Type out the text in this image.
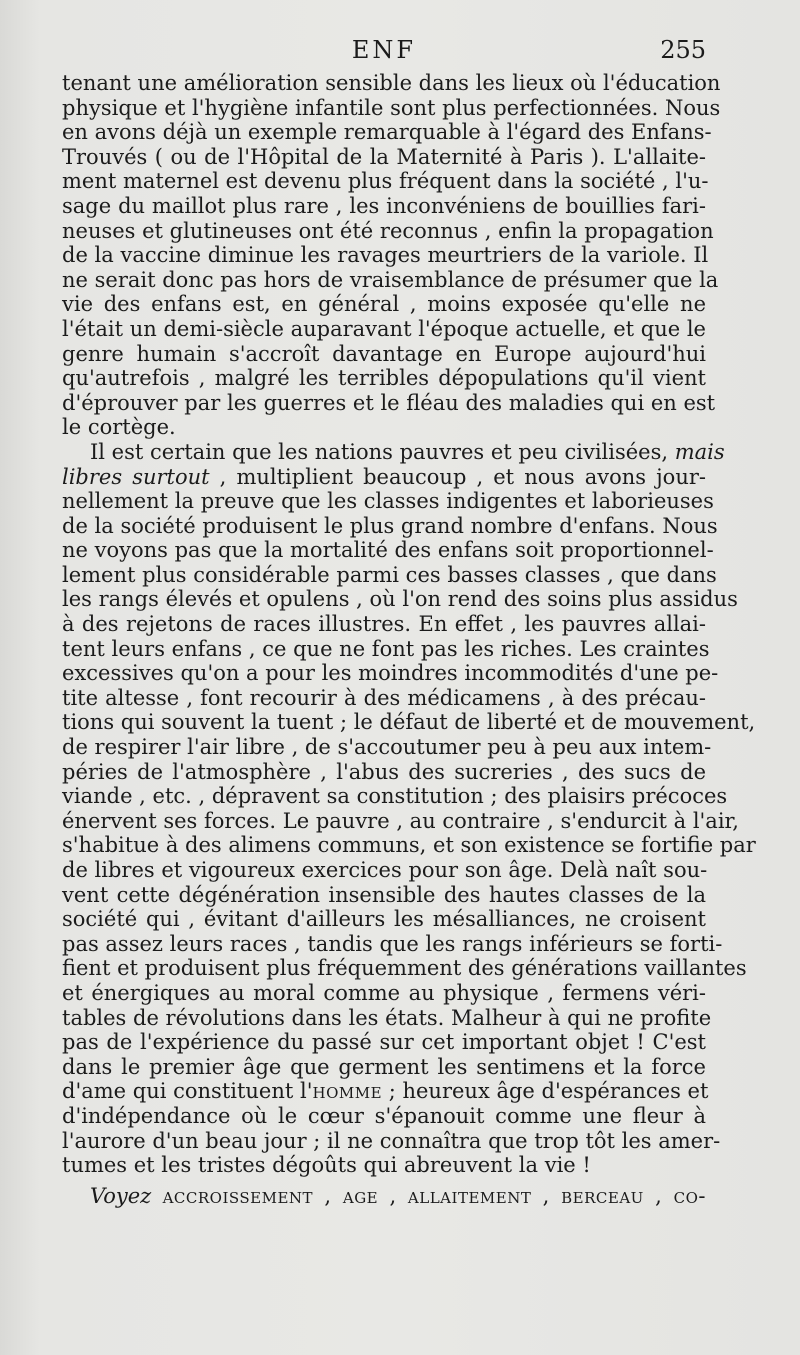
ENF	255
tenant une amélioration sensible dans les lieux où l'éducation
physique et l'hygiène infantile sont plus perfectionnées. Nous
en avons déjà un exemple remarquable à l'égard des Enfans-
Trouvés ( ou de l'Hôpital de la Maternité à Paris ). L'allaite-
ment maternel est devenu plus fréquent dans la société , l'u-
sage du maillot plus rare , les inconvéniens de bouillies fari-
neuses et glutineuses ont été reconnus , enfin la propagation
de la vaccine diminue les ravages meurtriers de la variole. Il
ne serait donc pas hors de vraisemblance de présumer que la
vie des enfans est, en général , moins exposée qu'elle ne
l'était un demi-siècle auparavant l'époque actuelle, et que le
genre humain s'accroît davantage en Europe aujourd'hui
qu'autrefois , malgré les terribles dépopulations qu'il vient
d'éprouver par les guerres et le fléau des maladies qui en est
le cortège.
Il est certain que les nations pauvres et peu civilisées, mais
libres surtout , multiplient beaucoup , et nous avons jour-
nellement la preuve que les classes indigentes et laborieuses
de la société produisent le plus grand nombre d'enfans. Nous
ne voyons pas que la mortalité des enfans soit proportionnel-
lement plus considérable parmi ces basses classes , que dans
les rangs élevés et opulens , où l'on rend des soins plus assidus
à des rejetons de races illustres. En effet , les pauvres allai-
tent leurs enfans , ce que ne font pas les riches. Les craintes
excessives qu'on a pour les moindres incommodités d'une pe-
tite altesse , font recourir à des médicamens , à des précau-
tions qui souvent la tuent ; le défaut de liberté et de mouvement,
de respirer l'air libre , de s'accoutumer peu à peu aux intem-
péries de l'atmosphère , l'abus des sucreries , des sucs de
viande , etc. , dépravent sa constitution ; des plaisirs précoces
énervent ses forces. Le pauvre , au contraire , s'endurcit à l'air,
s'habitue à des alimens communs, et son existence se fortifie par
de libres et vigoureux exercices pour son âge. Delà naît sou-
vent cette dégénération insensible des hautes classes de la
société qui , évitant d'ailleurs les mésalliances, ne croisent
pas assez leurs races , tandis que les rangs inférieurs se forti-
fient et produisent plus fréquemment des générations vaillantes
et énergiques au moral comme au physique , fermens véri-
tables de révolutions dans les états. Malheur à qui ne profite
pas de l'expérience du passé sur cet important objet ! C'est
dans le premier âge que germent les sentimens et la force
d'ame qui constituent l'homme ; heureux âge d'espérances et
d'indépendance où le cœur s'épanouit comme une fleur à
l'aurore d'un beau jour ; il ne connaîtra que trop tôt les amer-
tumes et les tristes dégoûts qui abreuvent la vie !
Voyez accroissement , age , allaitement , berceau , co-
